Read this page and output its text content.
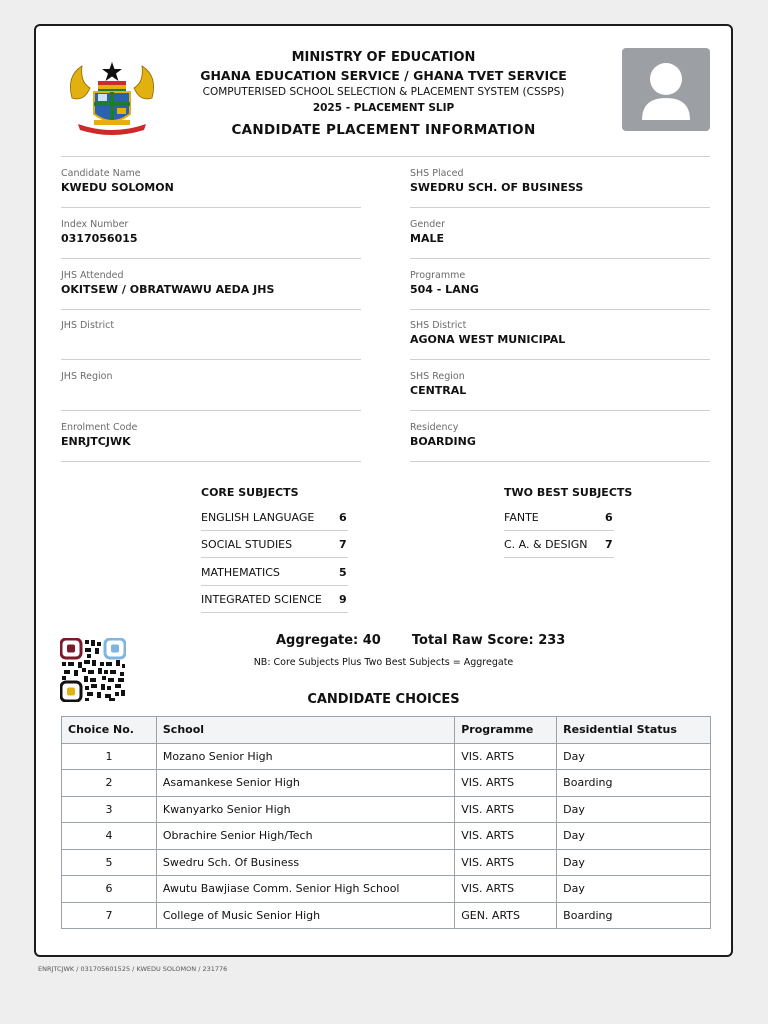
MINISTRY OF EDUCATION
GHANA EDUCATION SERVICE / GHANA TVET SERVICE
COMPUTERISED SCHOOL SELECTION & PLACEMENT SYSTEM (CSSPS)
2025 - PLACEMENT SLIP
CANDIDATE PLACEMENT INFORMATION
Candidate Name
KWEDU SOLOMON
Index Number
0317056015
JHS Attended
OKITSEW / OBRATWAWU AEDA JHS
JHS District
JHS Region
Enrolment Code
ENRJTCJWK
SHS Placed
SWEDRU SCH. OF BUSINESS
Gender
MALE
Programme
504 - LANG
SHS District
AGONA WEST MUNICIPAL
SHS Region
CENTRAL
Residency
BOARDING
CORE SUBJECTS
ENGLISH LANGUAGE 6
SOCIAL STUDIES	7
MATHEMATICS	5
INTEGRATED SCIENCE 9
TWO BEST SUBJECTS
FANTE	6
C. A. & DESIGN 7
Aggregate: 40 Total Raw Score: 233
NB: Core Subjects Plus Two Best Subjects = Aggregate
CANDIDATE CHOICES
Choice No.	School	Programme	Residential Status
1	Mozano Senior High	VIS. ARTS	Day
2	Asamankese Senior High	VIS. ARTS	Boarding
3	Kwanyarko Senior High	VIS. ARTS	Day
4	Obrachire Senior High/Tech	VIS. ARTS	Day
5	Swedru Sch. Of Business	VIS. ARTS	Day
6	Awutu Bawjiase Comm. Senior High School	VIS. ARTS	Day
7	College of Music Senior High	GEN. ARTS	Boarding
ENRJTCJWK / 031705601525 / KWEDU SOLOMON / 231776
